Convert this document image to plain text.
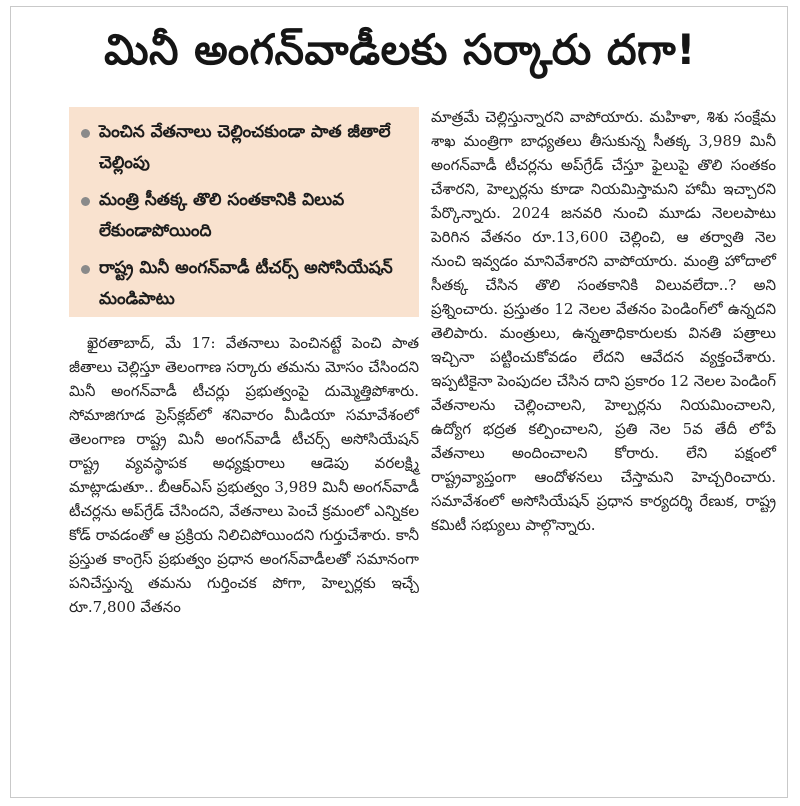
మినీ అంగన్‌వాడీలకు సర్కారు దగా!
పెంచిన వేతనాలు చెల్లించకుండా పాత జీతాలే చెల్లింపు
మంత్రి సీతక్క తొలి సంతకానికి విలువ లేకుండాపోయింది
రాష్ట్ర మినీ అంగన్‌వాడీ టీచర్స్ అసోసియేషన్ మండిపాటు

ఖైరతాబాద్, మే 17: వేతనాలు పెంచినట్టే పెంచి పాత జీతాలు చెల్లిస్తూ తెలంగాణ సర్కారు తమను మోసం చేసిందని మినీ అంగన్‌వాడీ టీచర్లు ప్రభుత్వంపై దుమ్మెత్తిపోశారు. సోమాజిగూడ ప్రెస్‌క్లబ్‌లో శనివారం మీడియా సమావేశంలో తెలంగాణ రాష్ట్ర మినీ అంగన్‌వాడీ టీచర్స్ అసోసియేషన్ రాష్ట్ర వ్యవస్థాపక అధ్యక్షురాలు ఆడెపు వరలక్ష్మి మాట్లాడుతూ.. బీఆర్ఎస్ ప్రభుత్వం 3,989 మినీ అంగన్‌వాడీ టీచర్లను అప్‌గ్రేడ్ చేసిందని, వేతనాలు పెంచే క్రమంలో ఎన్నికల కోడ్ రావడంతో ఆ ప్రక్రియ నిలిచిపోయిందని గుర్తుచేశారు. కానీ ప్రస్తుత కాంగ్రెస్ ప్రభుత్వం ప్రధాన అంగన్‌వాడీలతో సమానంగా పనిచేస్తున్న తమను గుర్తించక పోగా, హెల్పర్లకు ఇచ్చే రూ.7,800 వేతనం

మాత్రమే చెల్లిస్తున్నారని వాపోయారు. మహిళా, శిశు సంక్షేమ శాఖ మంత్రిగా బాధ్యతలు తీసుకున్న సీతక్క 3,989 మినీ అంగన్‌వాడీ టీచర్లను అప్‌గ్రేడ్ చేస్తూ ఫైలుపై తొలి సంతకం చేశారని, హెల్పర్లను కూడా నియమిస్తామని హామీ ఇచ్చారని పేర్కొన్నారు. 2024 జనవరి నుంచి మూడు నెలలపాటు పెరిగిన వేతనం రూ.13,600 చెల్లించి, ఆ తర్వాతి నెల నుంచి ఇవ్వడం మానివేశారని వాపోయారు. మంత్రి హోదాలో సీతక్క చేసిన తొలి సంతకానికి విలువలేదా..? అని ప్రశ్నించారు. ప్రస్తుతం 12 నెలల వేతనం పెండింగ్‌లో ఉన్నదని తెలిపారు. మంత్రులు, ఉన్నతాధికారులకు వినతి పత్రాలు ఇచ్చినా పట్టించుకోవడం లేదని ఆవేదన వ్యక్తంచేశారు. ఇప్పటికైనా పెంపుదల చేసిన దాని ప్రకారం 12 నెలల పెండింగ్ వేతనాలను చెల్లించాలని, హెల్పర్లను నియమించాలని, ఉద్యోగ భద్రత కల్పించాలని, ప్రతి నెల 5వ తేదీ లోపే వేతనాలు అందించాలని కోరారు. లేని పక్షంలో రాష్ట్రవ్యాప్తంగా ఆందోళనలు చేస్తామని హెచ్చరించారు. సమావేశంలో అసోసియేషన్ ప్రధాన కార్యదర్శి రేణుక, రాష్ట్ర కమిటీ సభ్యులు పాల్గొన్నారు.
